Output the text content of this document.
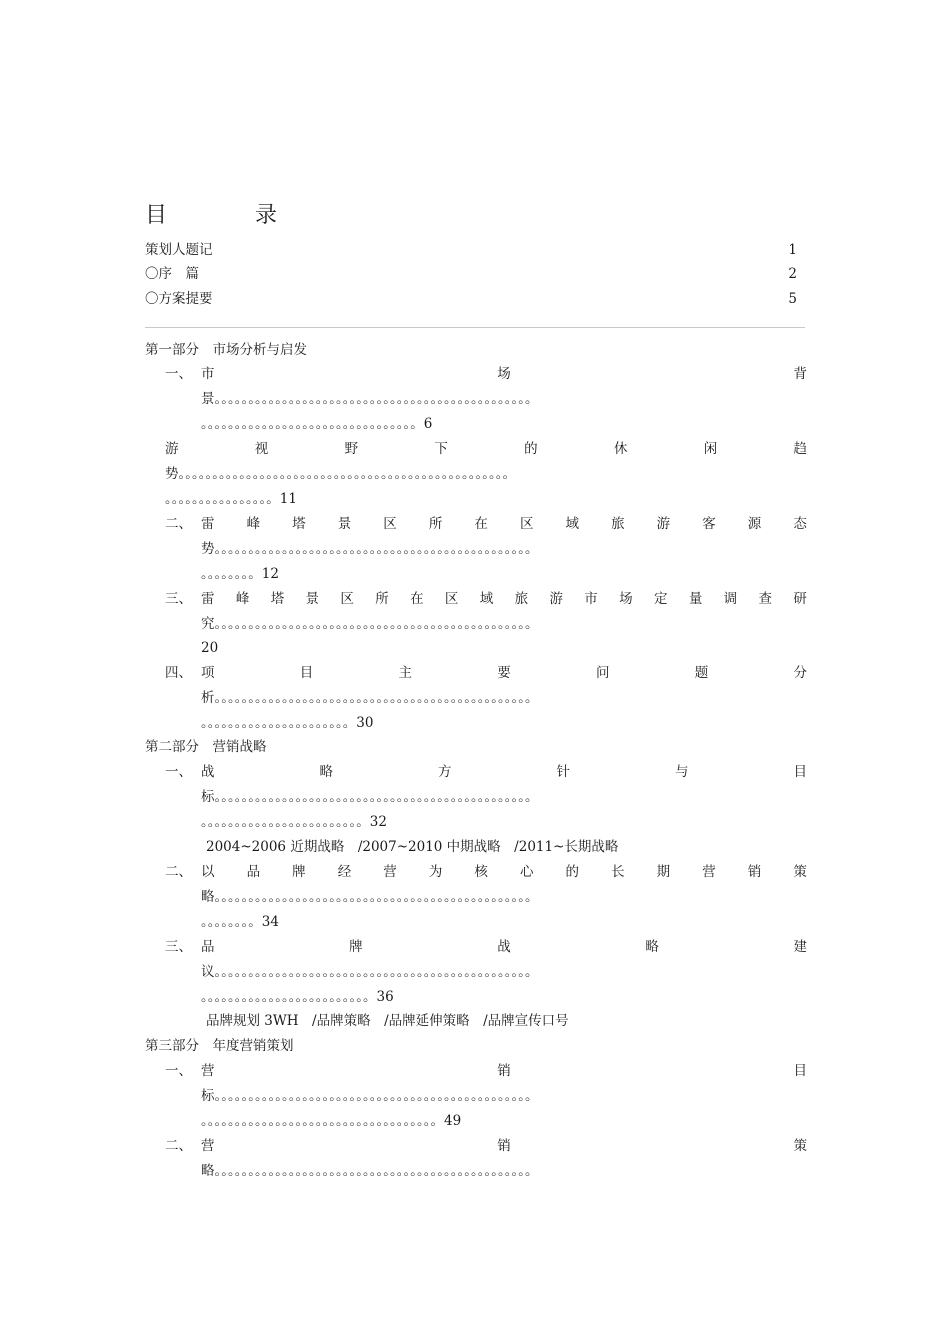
目	录
策划人题记	1
〇序　篇	2
〇方案提要	5
第一部分　市场分析与启发
一、 市	场	背
景。。。。。。。。。。。。。。。。。。。。。。。。。。。。。。。。。。。。。。。。。。。。。。。
。。。。。。。。。。。。。。。。。。。。。。。。。。。。。。。。6
游	视	野	下	的	休	闲	趋
势。。。。。。。。。。。。。。。。。。。。。。。。。。。。。。。。。。。。。。。。。。。。。。。。。
。。。。。。。。。。。。。。。。11
二、 雷 峰 塔 景 区 所 在 区 域 旅 游 客 源 态
势。。。。。。。。。。。。。。。。。。。。。。。。。。。。。。。。。。。。。。。。。。。。。。。
。。。。。。。。12
三、 雷 峰 塔 景 区 所 在 区 域 旅 游 市 场 定 量 调 查 研
究。。。。。。。。。。。。。。。。。。。。。。。。。。。。。。。。。。。。。。。。。。。。。。。
20
四、 项	目	主	要	问	题	分
析。。。。。。。。。。。。。。。。。。。。。。。。。。。。。。。。。。。。。。。。。。。。。。。
。。。。。。。。。。。。。。。。。。。。。。30
第二部分　营销战略
一、 战	略	方	针	与	目
标。。。。。。。。。。。。。。。。。。。。。。。。。。。。。。。。。。。。。。。。。。。。。。。
。。。。。。。。。。。。。。。。。。。。。。。。32
2004~2006 近期战略　/2007~2010 中期战略　/2011~长期战略
二、 以 品 牌 经 营 为 核 心 的 长 期 营 销 策
略。。。。。。。。。。。。。。。。。。。。。。。。。。。。。。。。。。。。。。。。。。。。。。。
。。。。。。。。34
三、 品	牌	战	略	建
议。。。。。。。。。。。。。。。。。。。。。。。。。。。。。。。。。。。。。。。。。。。。。。。
。。。。。。。。。。。。。。。。。。。。。。。。。36
品牌规划 3WH　/品牌策略　/品牌延伸策略　/品牌宣传口号
第三部分　年度营销策划
一、 营	销	目
标。。。。。。。。。。。。。。。。。。。。。。。。。。。。。。。。。。。。。。。。。。。。。。。
。。。。。。。。。。。。。。。。。。。。。。。。。。。。。。。。。。。49
二、 营	销	策
略。。。。。。。。。。。。。。。。。。。。。。。。。。。。。。。。。。。。。。。。。。。。。。。
